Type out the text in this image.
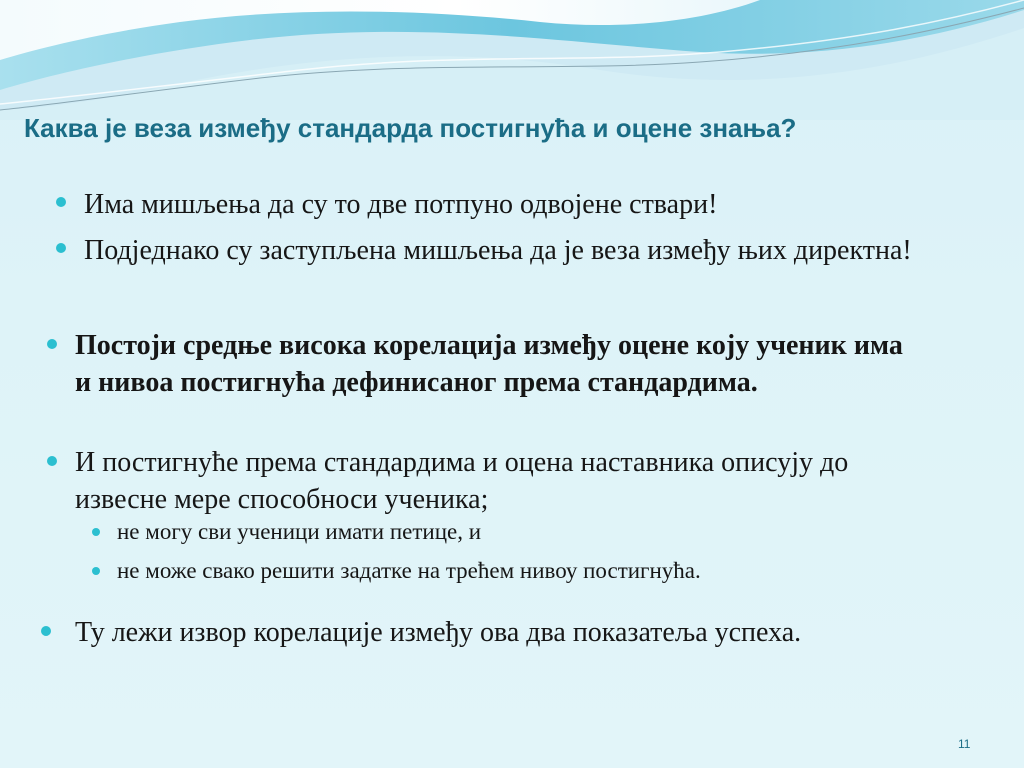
Каква је веза између стандарда постигнућа и оцене знања?

Има мишљења да су то две потпуно одвојене ствари!

Подједнако су заступљена мишљења да је веза између њих директна!

Постоји средње висока корелација између оцене коју ученик има и нивоа постигнућа дефинисаног према стандардима.

И постигнуће према стандардима и оцена наставника описују до извесне мере способноси ученика;

не могу сви ученици имати петице, и

не може свако решити задатке на трећем нивоу постигнућа.

Ту лежи извор корелације између ова два показатеља успеха.

11
